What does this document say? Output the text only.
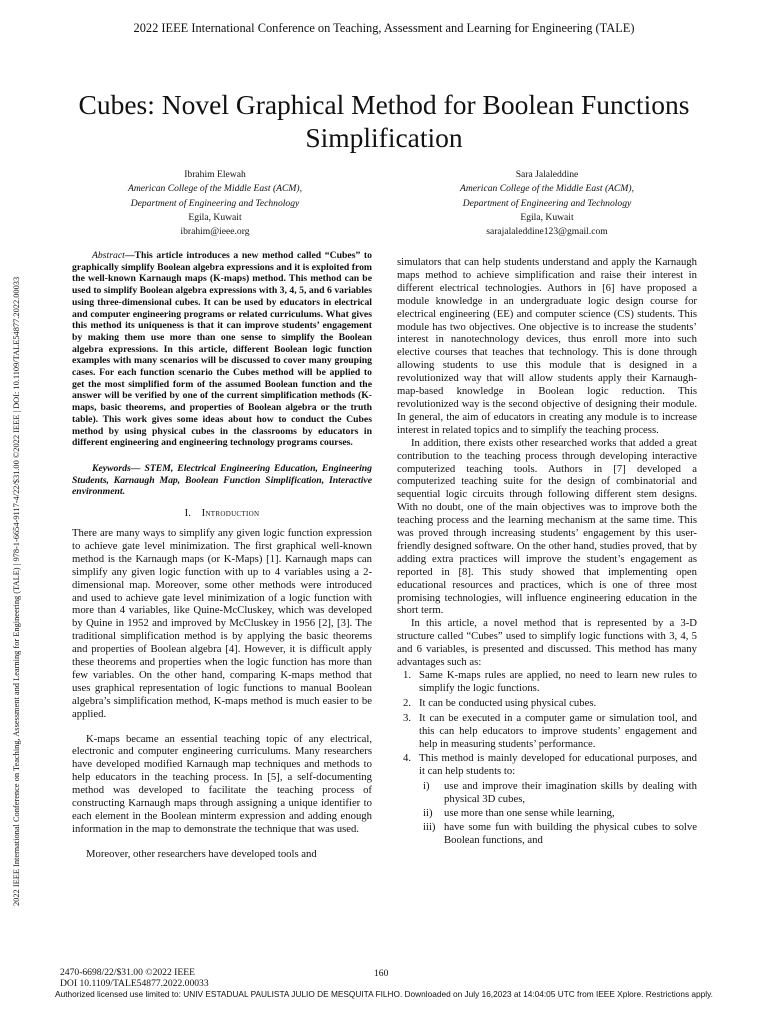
2022 IEEE International Conference on Teaching, Assessment and Learning for Engineering (TALE)
2022 IEEE International Conference on Teaching, Assessment and Learning for Engineering (TALE) | 978-1-6654-9117-4/22/$31.00 ©2022 IEEE | DOI: 10.1109/TALE54877.2022.00033
Cubes: Novel Graphical Method for Boolean Functions Simplification
Ibrahim Elewah
American College of the Middle East (ACM),
Department of Engineering and Technology
Egila, Kuwait
ibrahim@ieee.org
Sara Jalaleddine
American College of the Middle East (ACM),
Department of Engineering and Technology
Egila, Kuwait
sarajalaleddine123@gmail.com

Abstract—This article introduces a new method called “Cubes” to graphically simplify Boolean algebra expressions and it is exploited from the well-known Karnaugh maps (K-maps) method. This method can be used to simplify Boolean algebra expressions with 3, 4, 5, and 6 variables using three-dimensional cubes. It can be used by educators in electrical and computer engineering programs or related curriculums. What gives this method its uniqueness is that it can improve students’ engagement by making them use more than one sense to simplify the Boolean algebra expressions. In this article, different Boolean logic function examples with many scenarios will be discussed to cover many grouping cases. For each function scenario the Cubes method will be applied to get the most simplified form of the assumed Boolean function and the answer will be verified by one of the current simplification methods (K-maps, basic theorems, and properties of Boolean algebra or the truth table). This work gives some ideas about how to conduct the Cubes method by using physical cubes in the classrooms by educators in different engineering and engineering technology programs courses.

Keywords— STEM, Electrical Engineering Education, Engineering Students, Karnaugh Map, Boolean Function Simplification, Interactive environment.

I. Introduction

There are many ways to simplify any given logic function expression to achieve gate level minimization. The first graphical well-known method is the Karnaugh maps (or K-Maps) [1]. Karnaugh maps can simplify any given logic function with up to 4 variables using a 2-dimensional map. Moreover, some other methods were introduced and used to achieve gate level minimization of a logic function with more than 4 variables, like Quine-McCluskey, which was developed by Quine in 1952 and improved by McCluskey in 1956 [2], [3]. The traditional simplification method is by applying the basic theorems and properties of Boolean algebra [4]. However, it is difficult apply these theorems and properties when the logic function has more than few variables. On the other hand, comparing K-maps method that uses graphical representation of logic functions to manual Boolean algebra’s simplification method, K-maps method is much easier to be applied.

K-maps became an essential teaching topic of any electrical, electronic and computer engineering curriculums. Many researchers have developed modified Karnaugh map techniques and methods to help educators in the teaching process. In [5], a self-documenting method was developed to facilitate the teaching process of constructing Karnaugh maps through assigning a unique identifier to each element in the Boolean minterm expression and adding enough information in the map to demonstrate the technique that was used.

Moreover, other researchers have developed tools and

simulators that can help students understand and apply the Karnaugh maps method to achieve simplification and raise their interest in different electrical technologies. Authors in [6] have proposed a module knowledge in an undergraduate logic design course for electrical engineering (EE) and computer science (CS) students. This module has two objectives. One objective is to increase the students’ interest in nanotechnology devices, thus enroll more into such elective courses that teaches that technology. This is done through allowing students to use this module that is designed in a revolutionized way that will allow students apply their Karnaugh-map-based knowledge in Boolean logic reduction. This revolutionized way is the second objective of designing their module. In general, the aim of educators in creating any module is to increase interest in related topics and to simplify the teaching process.

In addition, there exists other researched works that added a great contribution to the teaching process through developing interactive computerized teaching tools. Authors in [7] developed a computerized teaching suite for the design of combinatorial and sequential logic circuits through following different stem designs. With no doubt, one of the main objectives was to improve both the teaching process and the learning mechanism at the same time. This was proved through increasing students’ engagement by this user-friendly designed software. On the other hand, studies proved, that by adding extra practices will improve the student’s engagement as reported in [8]. This study showed that implementing open educational resources and practices, which is one of three most promising technologies, will influence engineering education in the short term.

In this article, a novel method that is represented by a 3-D structure called “Cubes” used to simplify logic functions with 3, 4, 5 and 6 variables, is presented and discussed. This method has many advantages such as:

1. Same K-maps rules are applied, no need to learn new rules to simplify the logic functions.
2. It can be conducted using physical cubes.
3. It can be executed in a computer game or simulation tool, and this can help educators to improve students’ engagement and help in measuring students’ performance.
4. This method is mainly developed for educational purposes, and it can help students to:
i) use and improve their imagination skills by dealing with physical 3D cubes,
ii) use more than one sense while learning,
iii) have some fun with building the physical cubes to solve Boolean functions, and
2470-6698/22/$31.00 ©2022 IEEE
DOI 10.1109/TALE54877.2022.00033
160
Authorized licensed use limited to: UNIV ESTADUAL PAULISTA JULIO DE MESQUITA FILHO. Downloaded on July 16,2023 at 14:04:05 UTC from IEEE Xplore. Restrictions apply.
